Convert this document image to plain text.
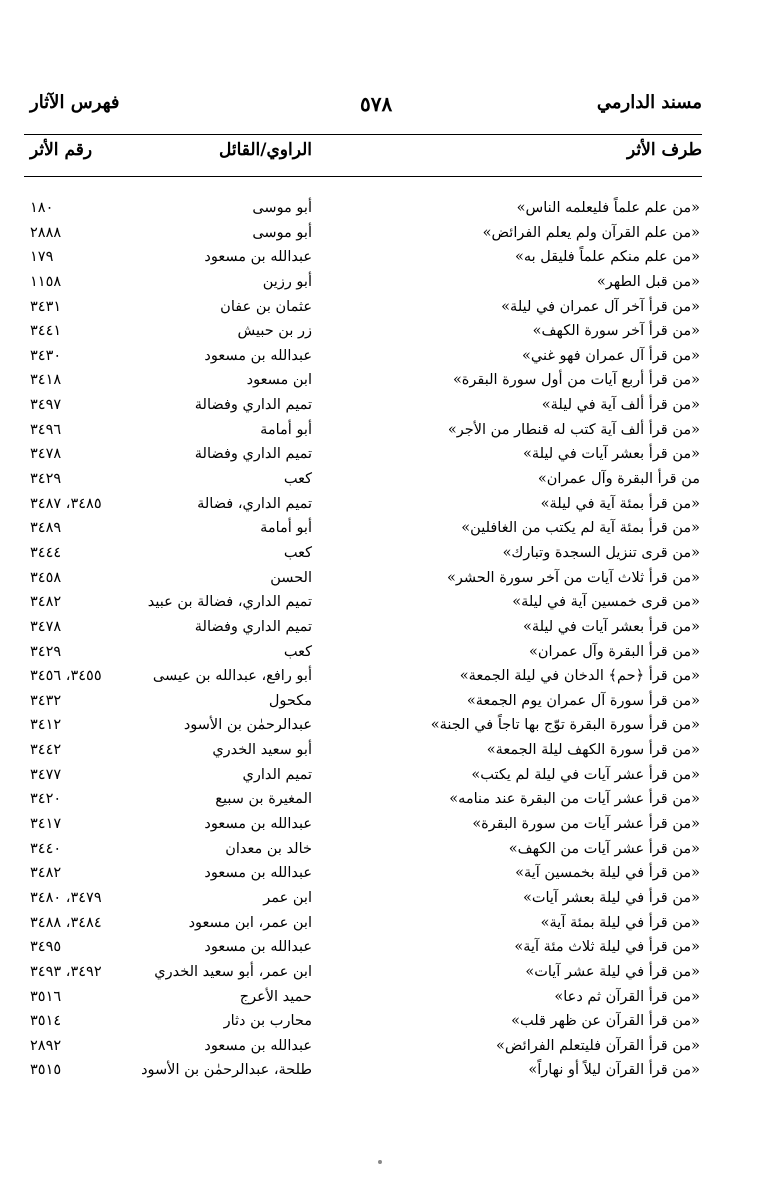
مسند الدارمي
٥٧٨
فهرس الآثار
طرف الأثر
الراوي/القائل
رقم الأثر
«من علم علماً فليعلمه الناس»
أبو موسى
١٨٠
«من علم القرآن ولم يعلم الفرائض»
أبو موسى
٢٨٨٨
«من علم منكم علماً فليقل به»
عبدالله بن مسعود
١٧٩
«من قبل الطهر»
أبو رزين
١١٥٨
«من قرأ آخر آل عمران في ليلة»
عثمان بن عفان
٣٤٣١
«من قرأ آخر سورة الكهف»
زر بن حبيش
٣٤٤١
«من قرأ آل عمران فهو غني»
عبدالله بن مسعود
٣٤٣٠
«من قرأ أربع آيات من أول سورة البقرة»
ابن مسعود
٣٤١٨
«من قرأ ألف آية في ليلة»
تميم الداري وفضالة
٣٤٩٧
«من قرأ ألف آية كتب له قنطار من الأجر»
أبو أمامة
٣٤٩٦
«من قرأ بعشر آيات في ليلة»
تميم الداري وفضالة
٣٤٧٨
من قرأ البقرة وآل عمران»
كعب
٣٤٢٩
«من قرأ بمئة آية في ليلة»
تميم الداري، فضالة
٣٤٨٥، ٣٤٨٧
«من قرأ بمئة آية لم يكتب من الغافلين»
أبو أمامة
٣٤٨٩
«من قرى تنزيل السجدة وتبارك»
كعب
٣٤٤٤
«من قرأ ثلاث آيات من آخر سورة الحشر»
الحسن
٣٤٥٨
«من قرى خمسين آية في ليلة»
تميم الداري، فضالة بن عبيد
٣٤٨٢
«من قرأ بعشر آيات في ليلة»
تميم الداري وفضالة
٣٤٧٨
«من قرأ البقرة وآل عمران»
كعب
٣٤٢٩
«من قرأ ﴿حم﴾ الدخان في ليلة الجمعة»
أبو رافع، عبدالله بن عيسى
٣٤٥٥، ٣٤٥٦
«من قرأ سورة آل عمران يوم الجمعة»
مكحول
٣٤٣٢
«من قرأ سورة البقرة توّج بها تاجاً في الجنة»
عبدالرحمٰن بن الأسود
٣٤١٢
«من قرأ سورة الكهف ليلة الجمعة»
أبو سعيد الخدري
٣٤٤٢
«من قرأ عشر آيات في ليلة لم يكتب»
تميم الداري
٣٤٧٧
«من قرأ عشر آيات من البقرة عند منامه»
المغيرة بن سبيع
٣٤٢٠
«من قرأ عشر آيات من سورة البقرة»
عبدالله بن مسعود
٣٤١٧
«من قرأ عشر آيات من الكهف»
خالد بن معدان
٣٤٤٠
«من قرأ في ليلة بخمسين آية»
عبدالله بن مسعود
٣٤٨٢
«من قرأ في ليلة بعشر آيات»
ابن عمر
٣٤٧٩، ٣٤٨٠
«من قرأ في ليلة بمئة آية»
ابن عمر، ابن مسعود
٣٤٨٤، ٣٤٨٨
«من قرأ في ليلة ثلاث مئة آية»
عبدالله بن مسعود
٣٤٩٥
«من قرأ في ليلة عشر آيات»
ابن عمر، أبو سعيد الخدري
٣٤٩٢، ٣٤٩٣
«من قرأ القرآن ثم دعا»
حميد الأعرج
٣٥١٦
«من قرأ القرآن عن ظهر قلب»
محارب بن دثار
٣٥١٤
«من قرأ القرآن فليتعلم الفرائض»
عبدالله بن مسعود
٢٨٩٢
«من قرأ القرآن ليلاً أو نهاراً»
طلحة، عبدالرحمٰن بن الأسود
٣٥١٥
